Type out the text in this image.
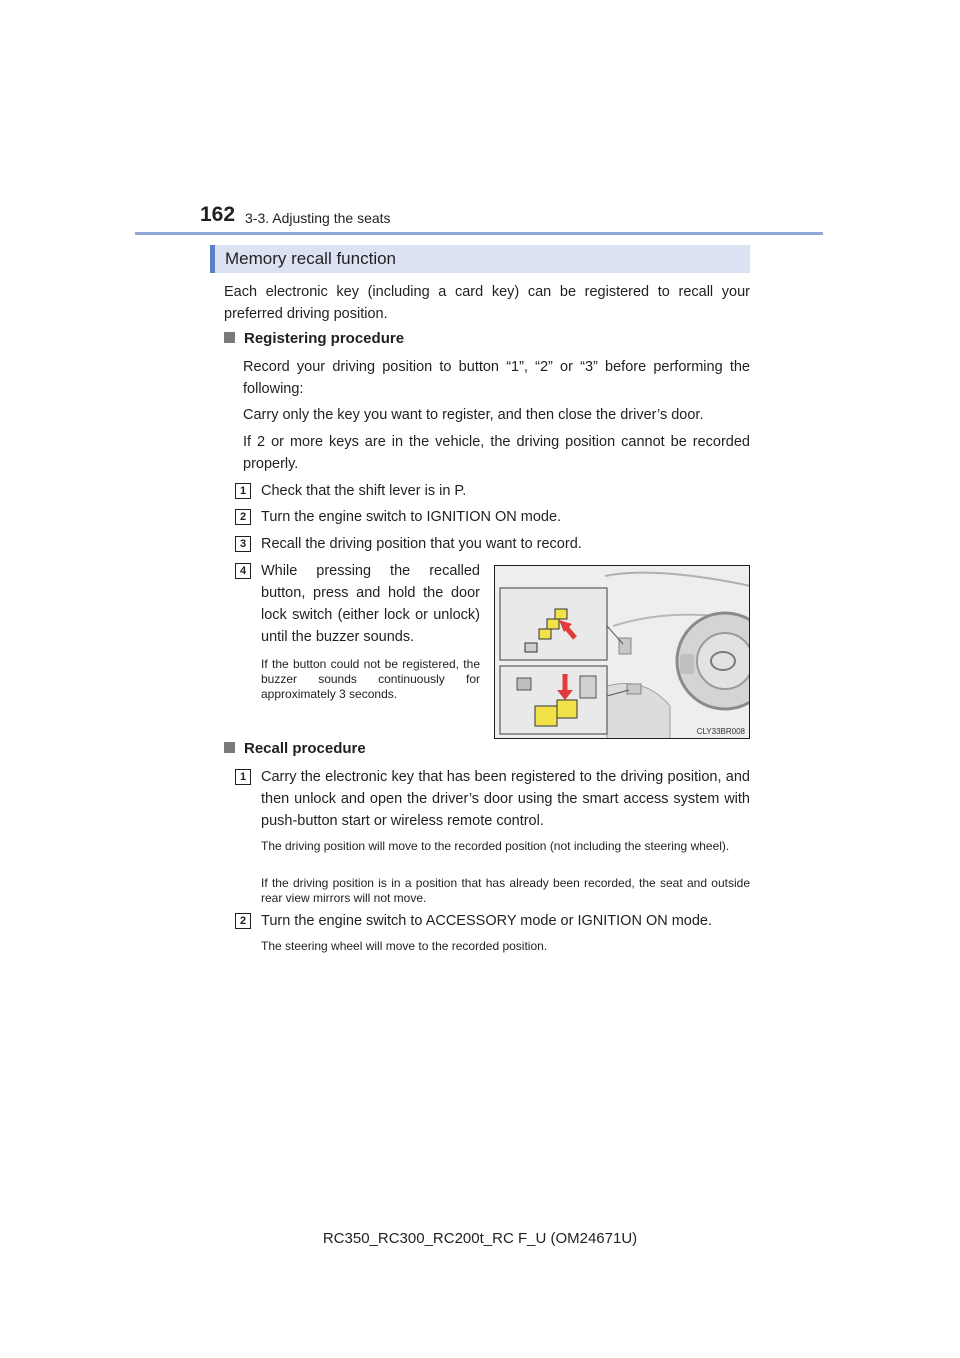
162 3-3. Adjusting the seats
Memory recall function
Each electronic key (including a card key) can be registered to recall your preferred driving position.
Registering procedure
Record your driving position to button “1”, “2” or “3” before performing the following:
Carry only the key you want to register, and then close the driver’s door.
If 2 or more keys are in the vehicle, the driving position cannot be recorded properly.
1	Check that the shift lever is in P.
2	Turn the engine switch to IGNITION ON mode.
3	Recall the driving position that you want to record.
4	While pressing the recalled button, press and hold the door lock switch (either lock or unlock) until the buzzer sounds.
If the button could not be registered, the buzzer sounds continuously for approximately 3 seconds.
CLY33BR008
Recall procedure
1	Carry the electronic key that has been registered to the driving position, and then unlock and open the driver’s door using the smart access system with push-button start or wireless remote control.
The driving position will move to the recorded position (not including the steering wheel).
If the driving position is in a position that has already been recorded, the seat and outside rear view mirrors will not move.
2	Turn the engine switch to ACCESSORY mode or IGNITION ON mode.
The steering wheel will move to the recorded position.
RC350_RC300_RC200t_RC F_U (OM24671U)
